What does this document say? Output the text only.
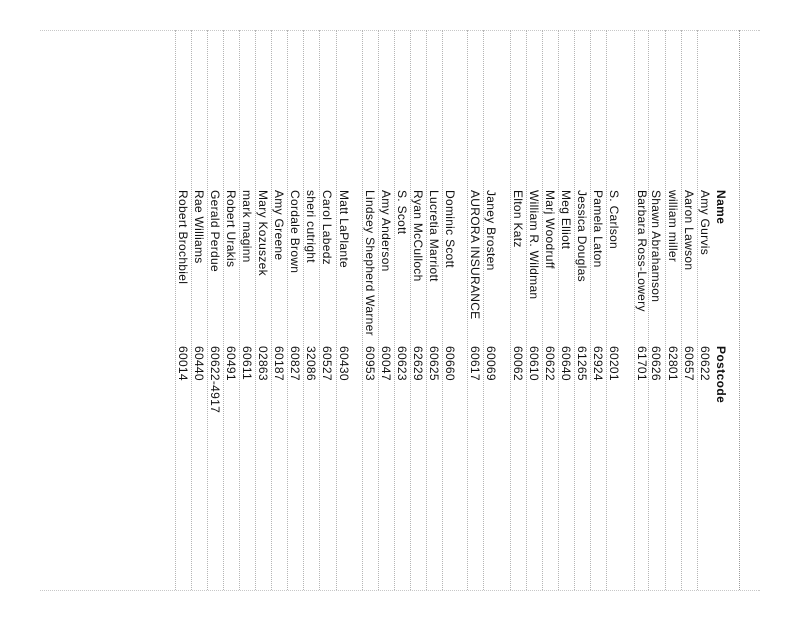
Name
Postcode
Amy Gurvis
60622
Aaron Lawson
60657
william miller
62801
Shawn Abrahamson
60626
Barbara Ross-Lowery
61701
S. Carlson
60201
Pamela Laton
62924
Jessica Douglas
61265
Meg Elliott
60640
Marj Woodruff
60622
William R. Wildman
60610
Elton Katz
60062
Janey Brosten
60069
AURORA INSURANCE
60617
Dominic Scott
60660
Lucretia Marriott
60625
Ryan McCulloch
62629
S. Scott
60623
Amy Anderson
60047
Lindsey Shepherd Warner
60953
Matt LaPlante
60430
Carol Labedz
60527
sheri cutright
32086
Cordale Brown
60827
Amy Greene
60187
Mary Kozuszek
02863
mark maginn
60611
Robert Urakis
60491
Gerald Perdue
60622-4917
Rae Williams
60440
Robert Brochbiel
60014
